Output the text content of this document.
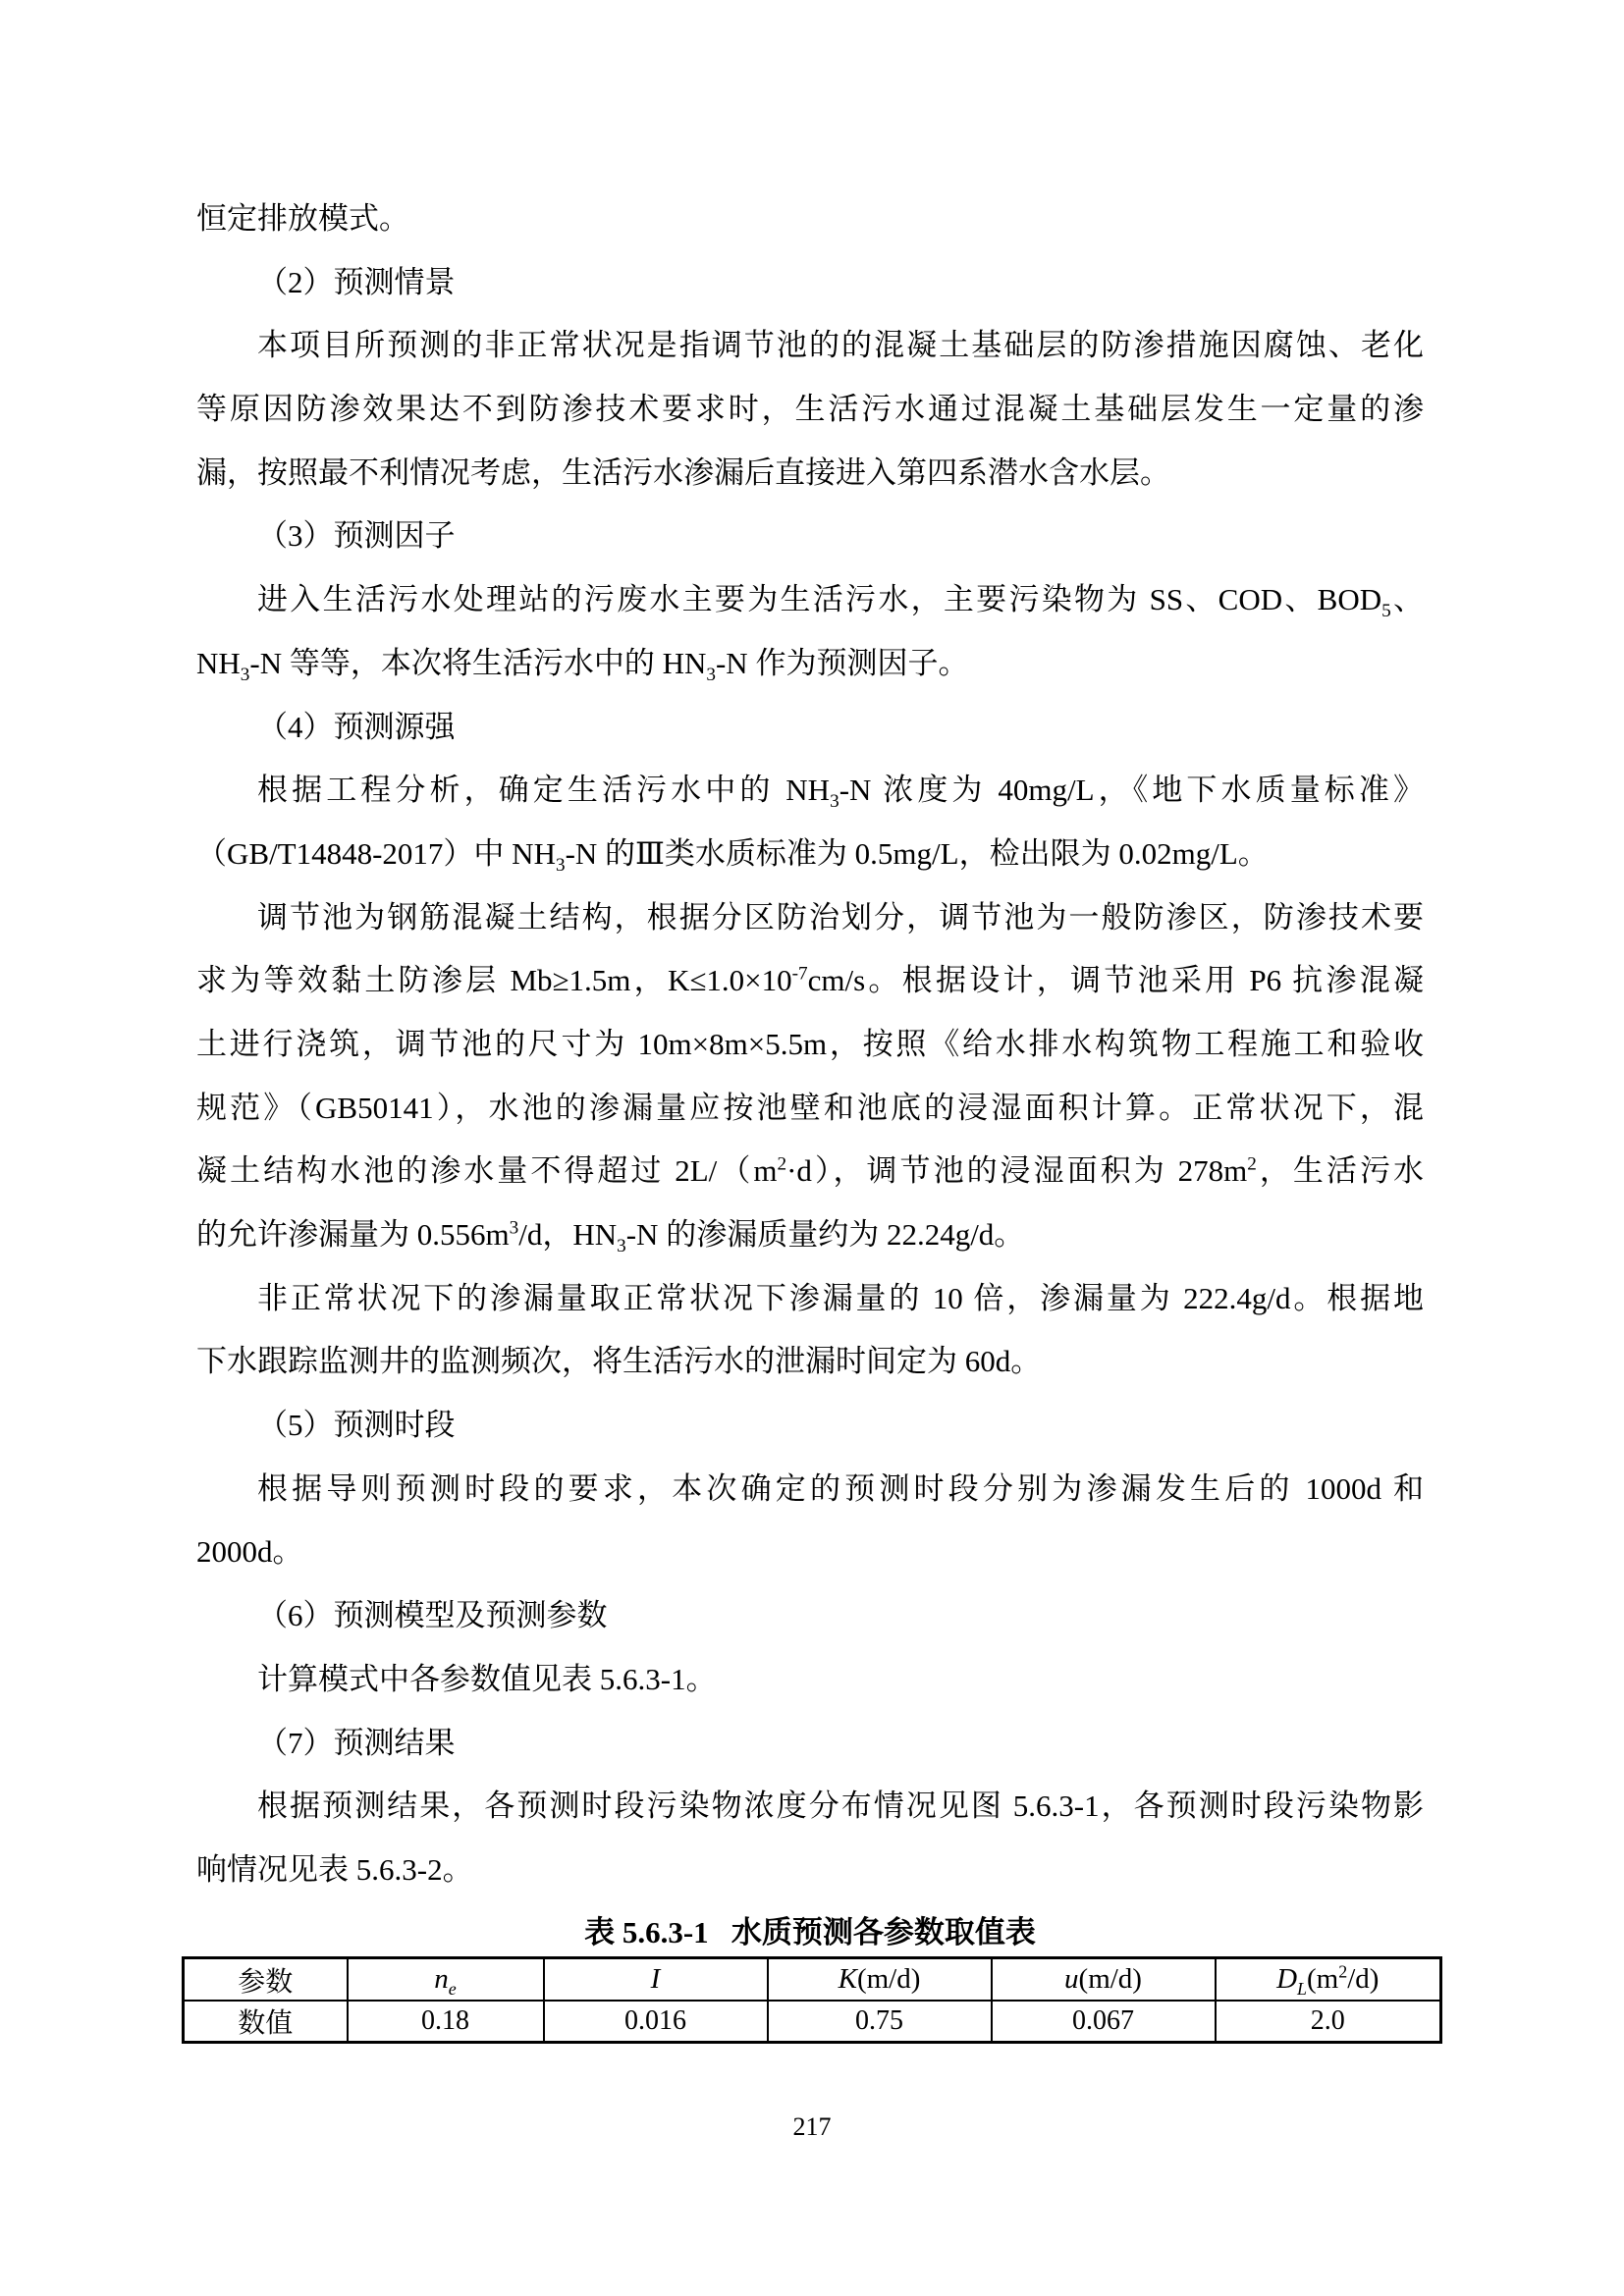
恒定排放模式。
（2）预测情景
本项目所预测的非正常状况是指调节池的的混凝土基础层的防渗措施因腐蚀、老化
等原因防渗效果达不到防渗技术要求时，生活污水通过混凝土基础层发生一定量的渗
漏，按照最不利情况考虑，生活污水渗漏后直接进入第四系潜水含水层。
（3）预测因子
进入生活污水处理站的污废水主要为生活污水，主要污染物为 SS、COD、$BOD_5$、
$NH_3-N$ 等等，本次将生活污水中的 $HN_3-N$ 作为预测因子。
（4）预测源强
根据工程分析，确定生活污水中的 $NH_3-N$ 浓度为 40mg/L，《地下水质量标准》
（GB/T14848-2017）中 $NH_3-N$ 的Ⅲ类水质标准为 0.5mg/L，检出限为 0.02mg/L。
调节池为钢筋混凝土结构，根据分区防治划分，调节池为一般防渗区，防渗技术要
求为等效黏土防渗层 Mb≥1.5m，$K\le 1.0\times 10^{-7}cm/s$。根据设计，调节池采用 P6 抗渗混凝
土进行浇筑，调节池的尺寸为 10m×8m×5.5m，按照《给水排水构筑物工程施工和验收
规范》（GB50141），水池的渗漏量应按池壁和池底的浸湿面积计算。正常状况下，混
凝土结构水池的渗水量不得超过 $2L/(m^2\cdot d)$，调节池的浸湿面积为 $278m^2$，生活污水
的允许渗漏量为 $0.556m^3/d$，$HN_3-N$ 的渗漏质量约为 22.24g/d。
非正常状况下的渗漏量取正常状况下渗漏量的 10 倍，渗漏量为 222.4g/d。根据地
下水跟踪监测井的监测频次，将生活污水的泄漏时间定为 60d。
（5）预测时段
根据导则预测时段的要求，本次确定的预测时段分别为渗漏发生后的 1000d 和
2000d。
（6）预测模型及预测参数
计算模式中各参数值见表 5.6.3-1。
（7）预测结果
根据预测结果，各预测时段污染物浓度分布情况见图 5.6.3-1，各预测时段污染物影
响情况见表 5.6.3-2。
表 5.6.3-1 水质预测各参数取值表
参数	$n_e$	I	K(m/d)	u(m/d)	$D_L(m^2/d)$
数值	0.18	0.016	0.75	0.067	2.0
217
